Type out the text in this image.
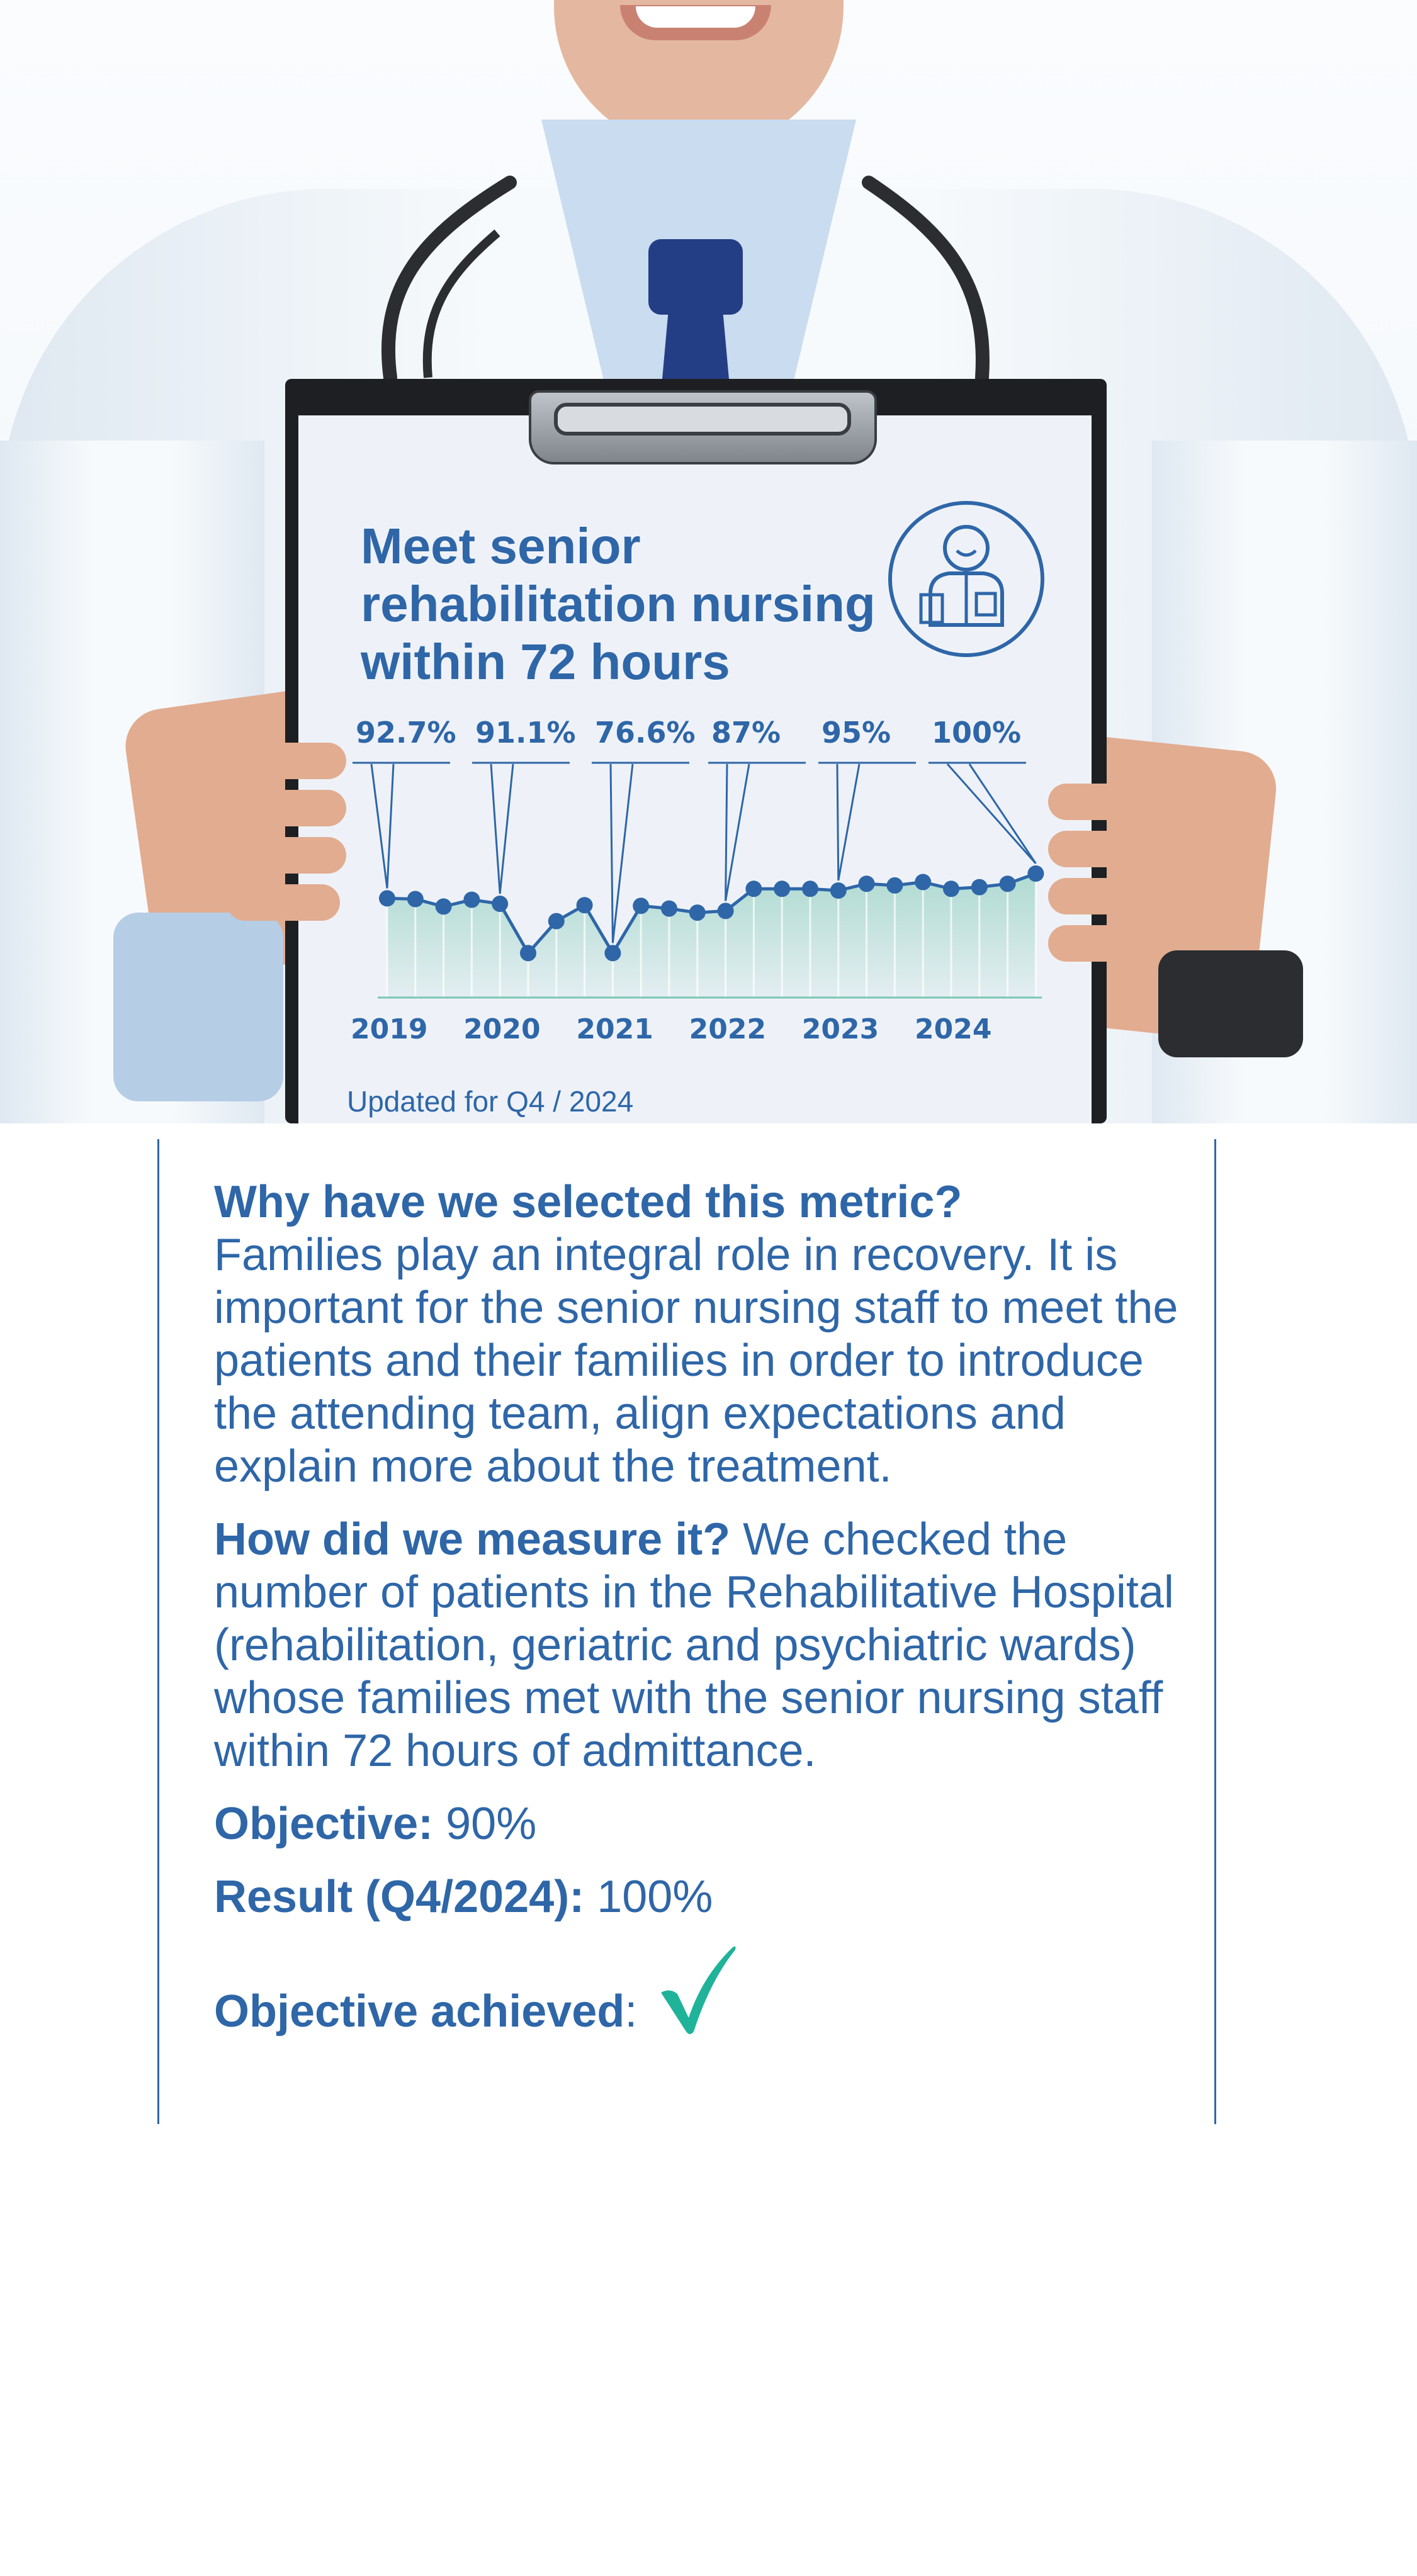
Meet senior rehabilitation nursing within 72 hours
92.7% 91.1% 76.6% 87% 95% 100%
2019 2020 2021 2022 2023 2024
Updated for Q4 / 2024

Why have we selected this metric?
Families play an integral role in recovery. It is important for the senior nursing staff to meet the patients and their families in order to introduce the attending team, align expectations and explain more about the treatment.

How did we measure it? We checked the number of patients in the Rehabilitative Hospital (rehabilitation, geriatric and psychiatric wards) whose families met with the senior nursing staff within 72 hours of admittance.

Objective: 90%

Result (Q4/2024): 100%

Objective achieved:
